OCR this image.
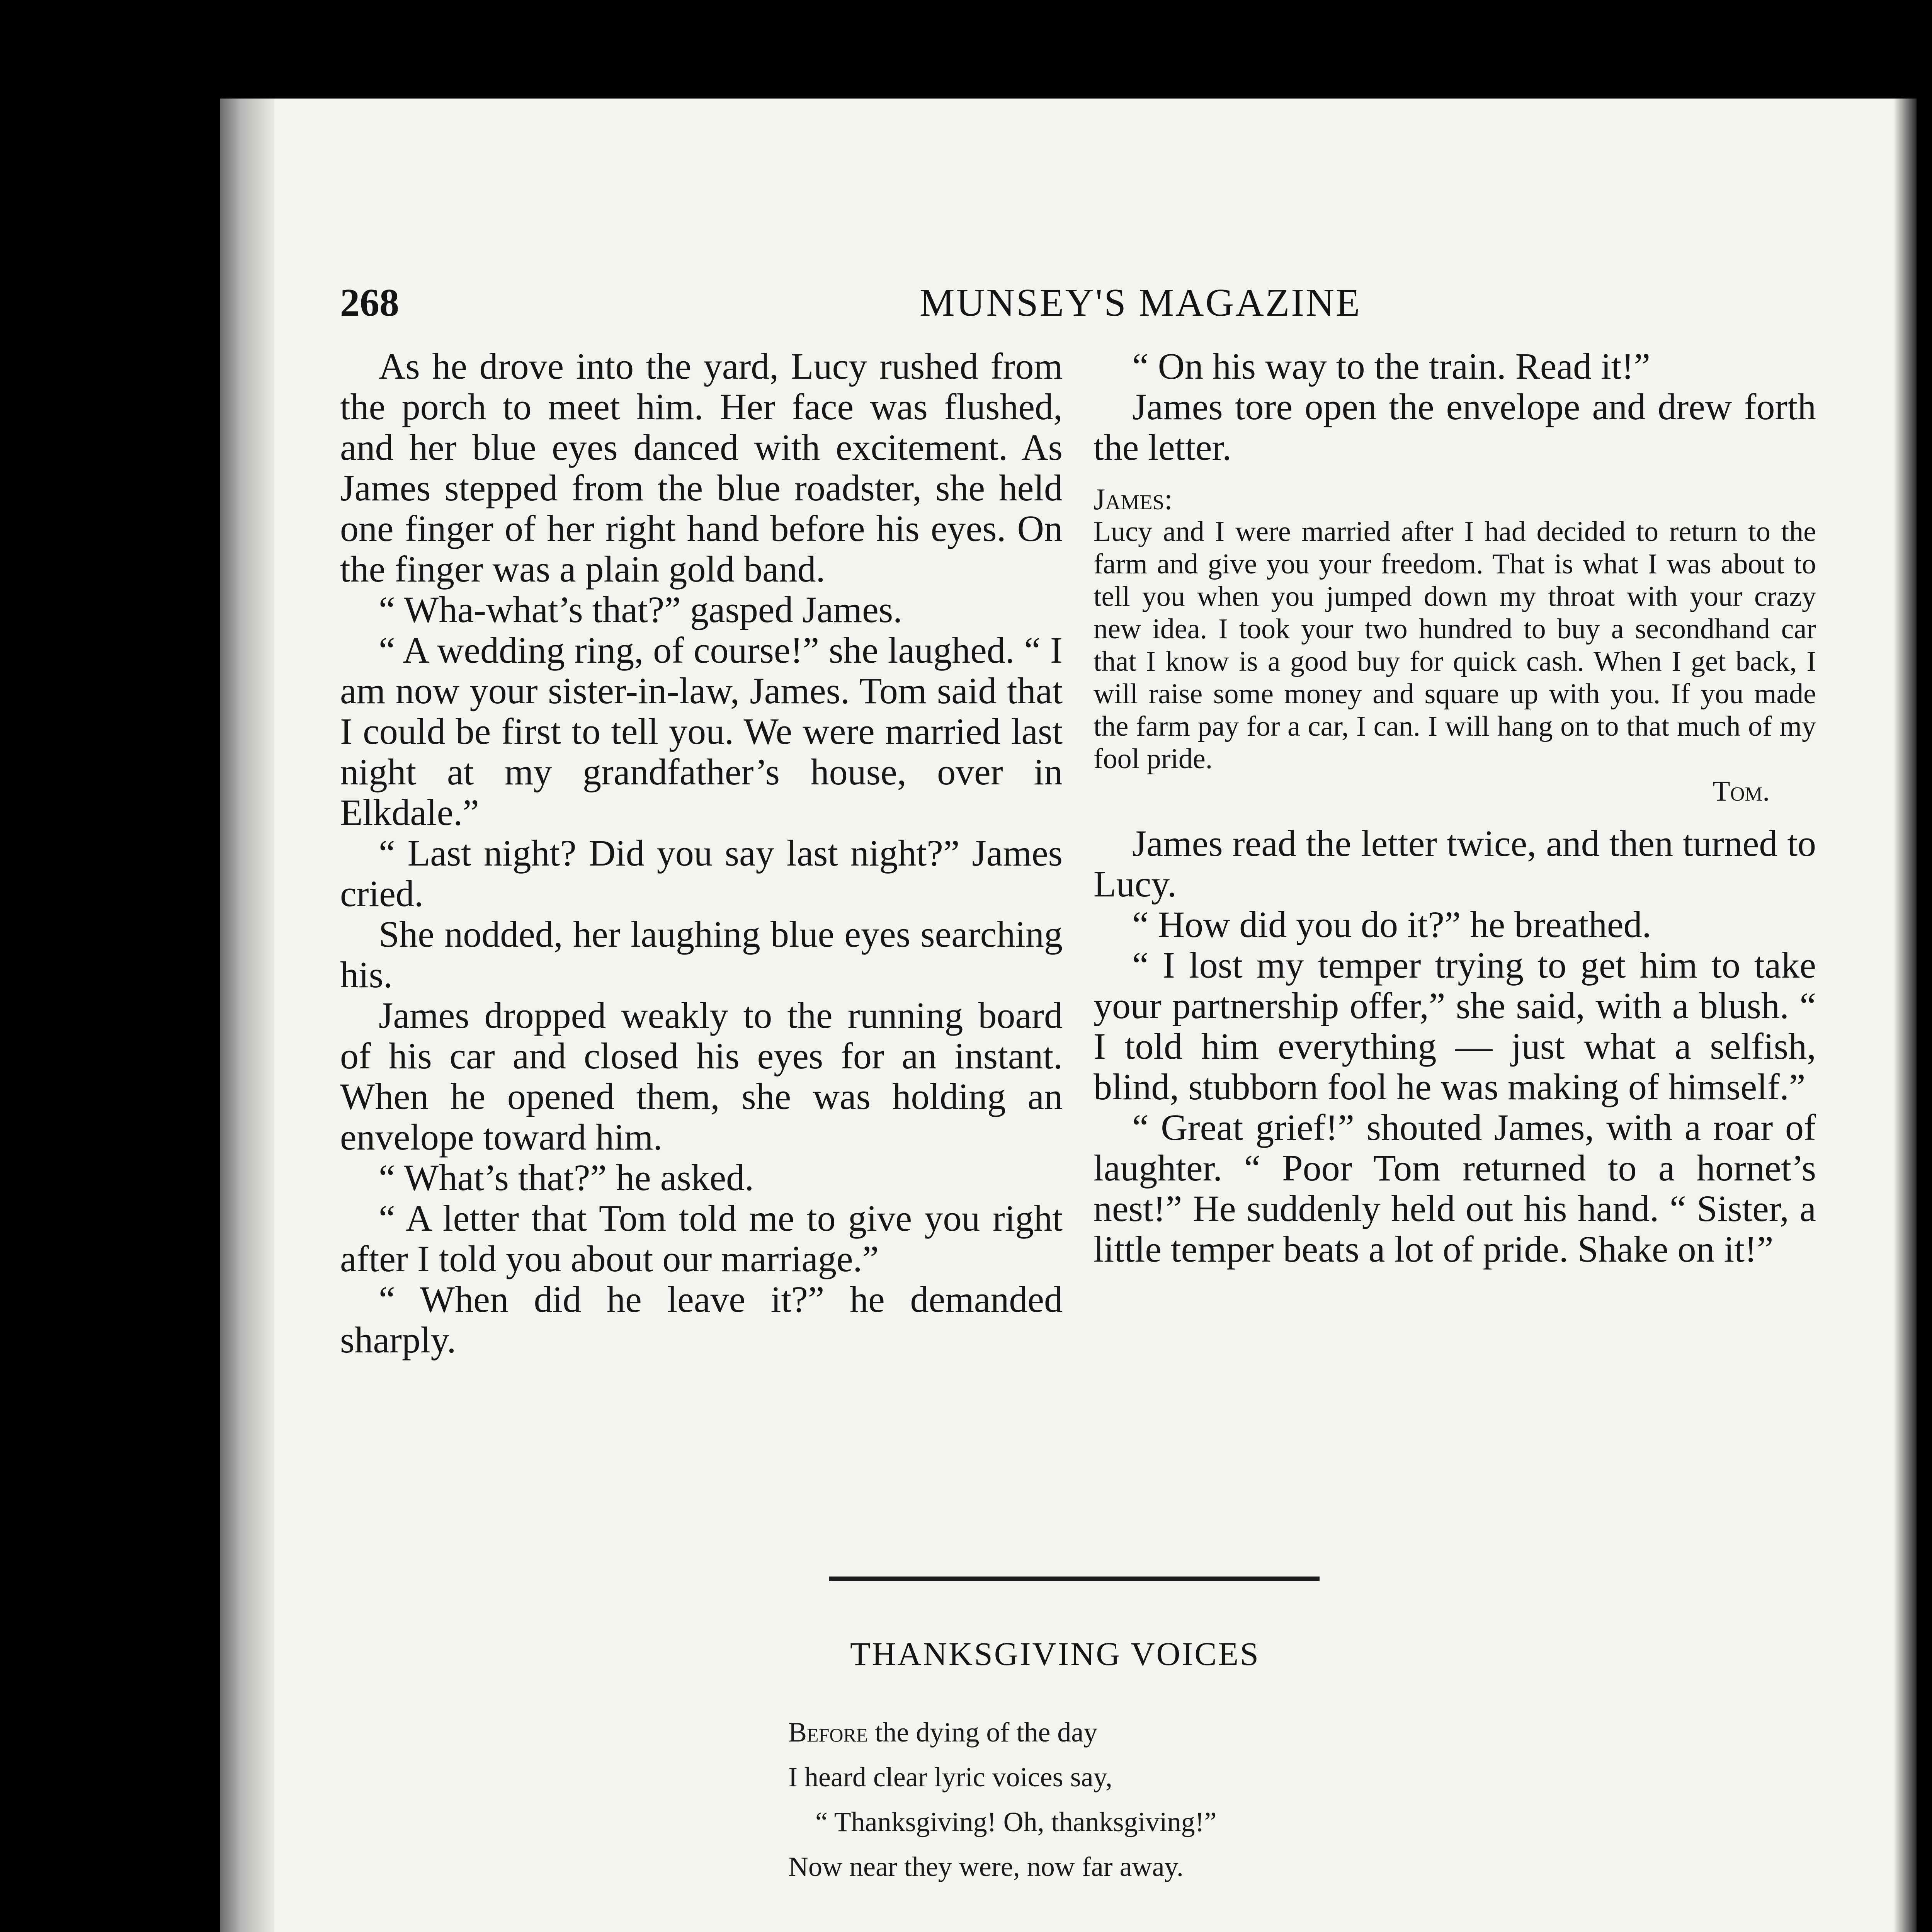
268	MUNSEY'S MAGAZINE

As he drove into the yard, Lucy rushed from the porch to meet him. Her face was flushed, and her blue eyes danced with excitement. As James stepped from the blue roadster, she held one finger of her right hand before his eyes. On the finger was a plain gold band.

“ Wha-what’s that?” gasped James.

“ A wedding ring, of course!” she laughed. “ I am now your sister-in-law, James. Tom said that I could be first to tell you. We were married last night at my grandfather’s house, over in Elkdale.”

“ Last night? Did you say last night?” James cried.

She nodded, her laughing blue eyes searching his.

James dropped weakly to the running board of his car and closed his eyes for an instant. When he opened them, she was holding an envelope toward him.

“ What’s that?” he asked.

“ A letter that Tom told me to give you right after I told you about our marriage.”

“ When did he leave it?” he demanded sharply.

“ On his way to the train. Read it!”

James tore open the envelope and drew forth the letter.

James:

Lucy and I were married after I had decided to return to the farm and give you your freedom. That is what I was about to tell you when you jumped down my throat with your crazy new idea. I took your two hundred to buy a secondhand car that I know is a good buy for quick cash. When I get back, I will raise some money and square up with you. If you made the farm pay for a car, I can. I will hang on to that much of my fool pride.

Tom.

James read the letter twice, and then turned to Lucy.

“ How did you do it?” he breathed.

“ I lost my temper trying to get him to take your partnership offer,” she said, with a blush. “ I told him everything — just what a selfish, blind, stubborn fool he was making of himself.”

“ Great grief!” shouted James, with a roar of laughter. “ Poor Tom returned to a hornet’s nest!” He suddenly held out his hand. “ Sister, a little temper beats a lot of pride. Shake on it!”

THANKSGIVING VOICES
Before the dying of the day
I heard clear lyric voices say,
“ Thanksgiving! Oh, thanksgiving!”
Now near they were, now far away.
